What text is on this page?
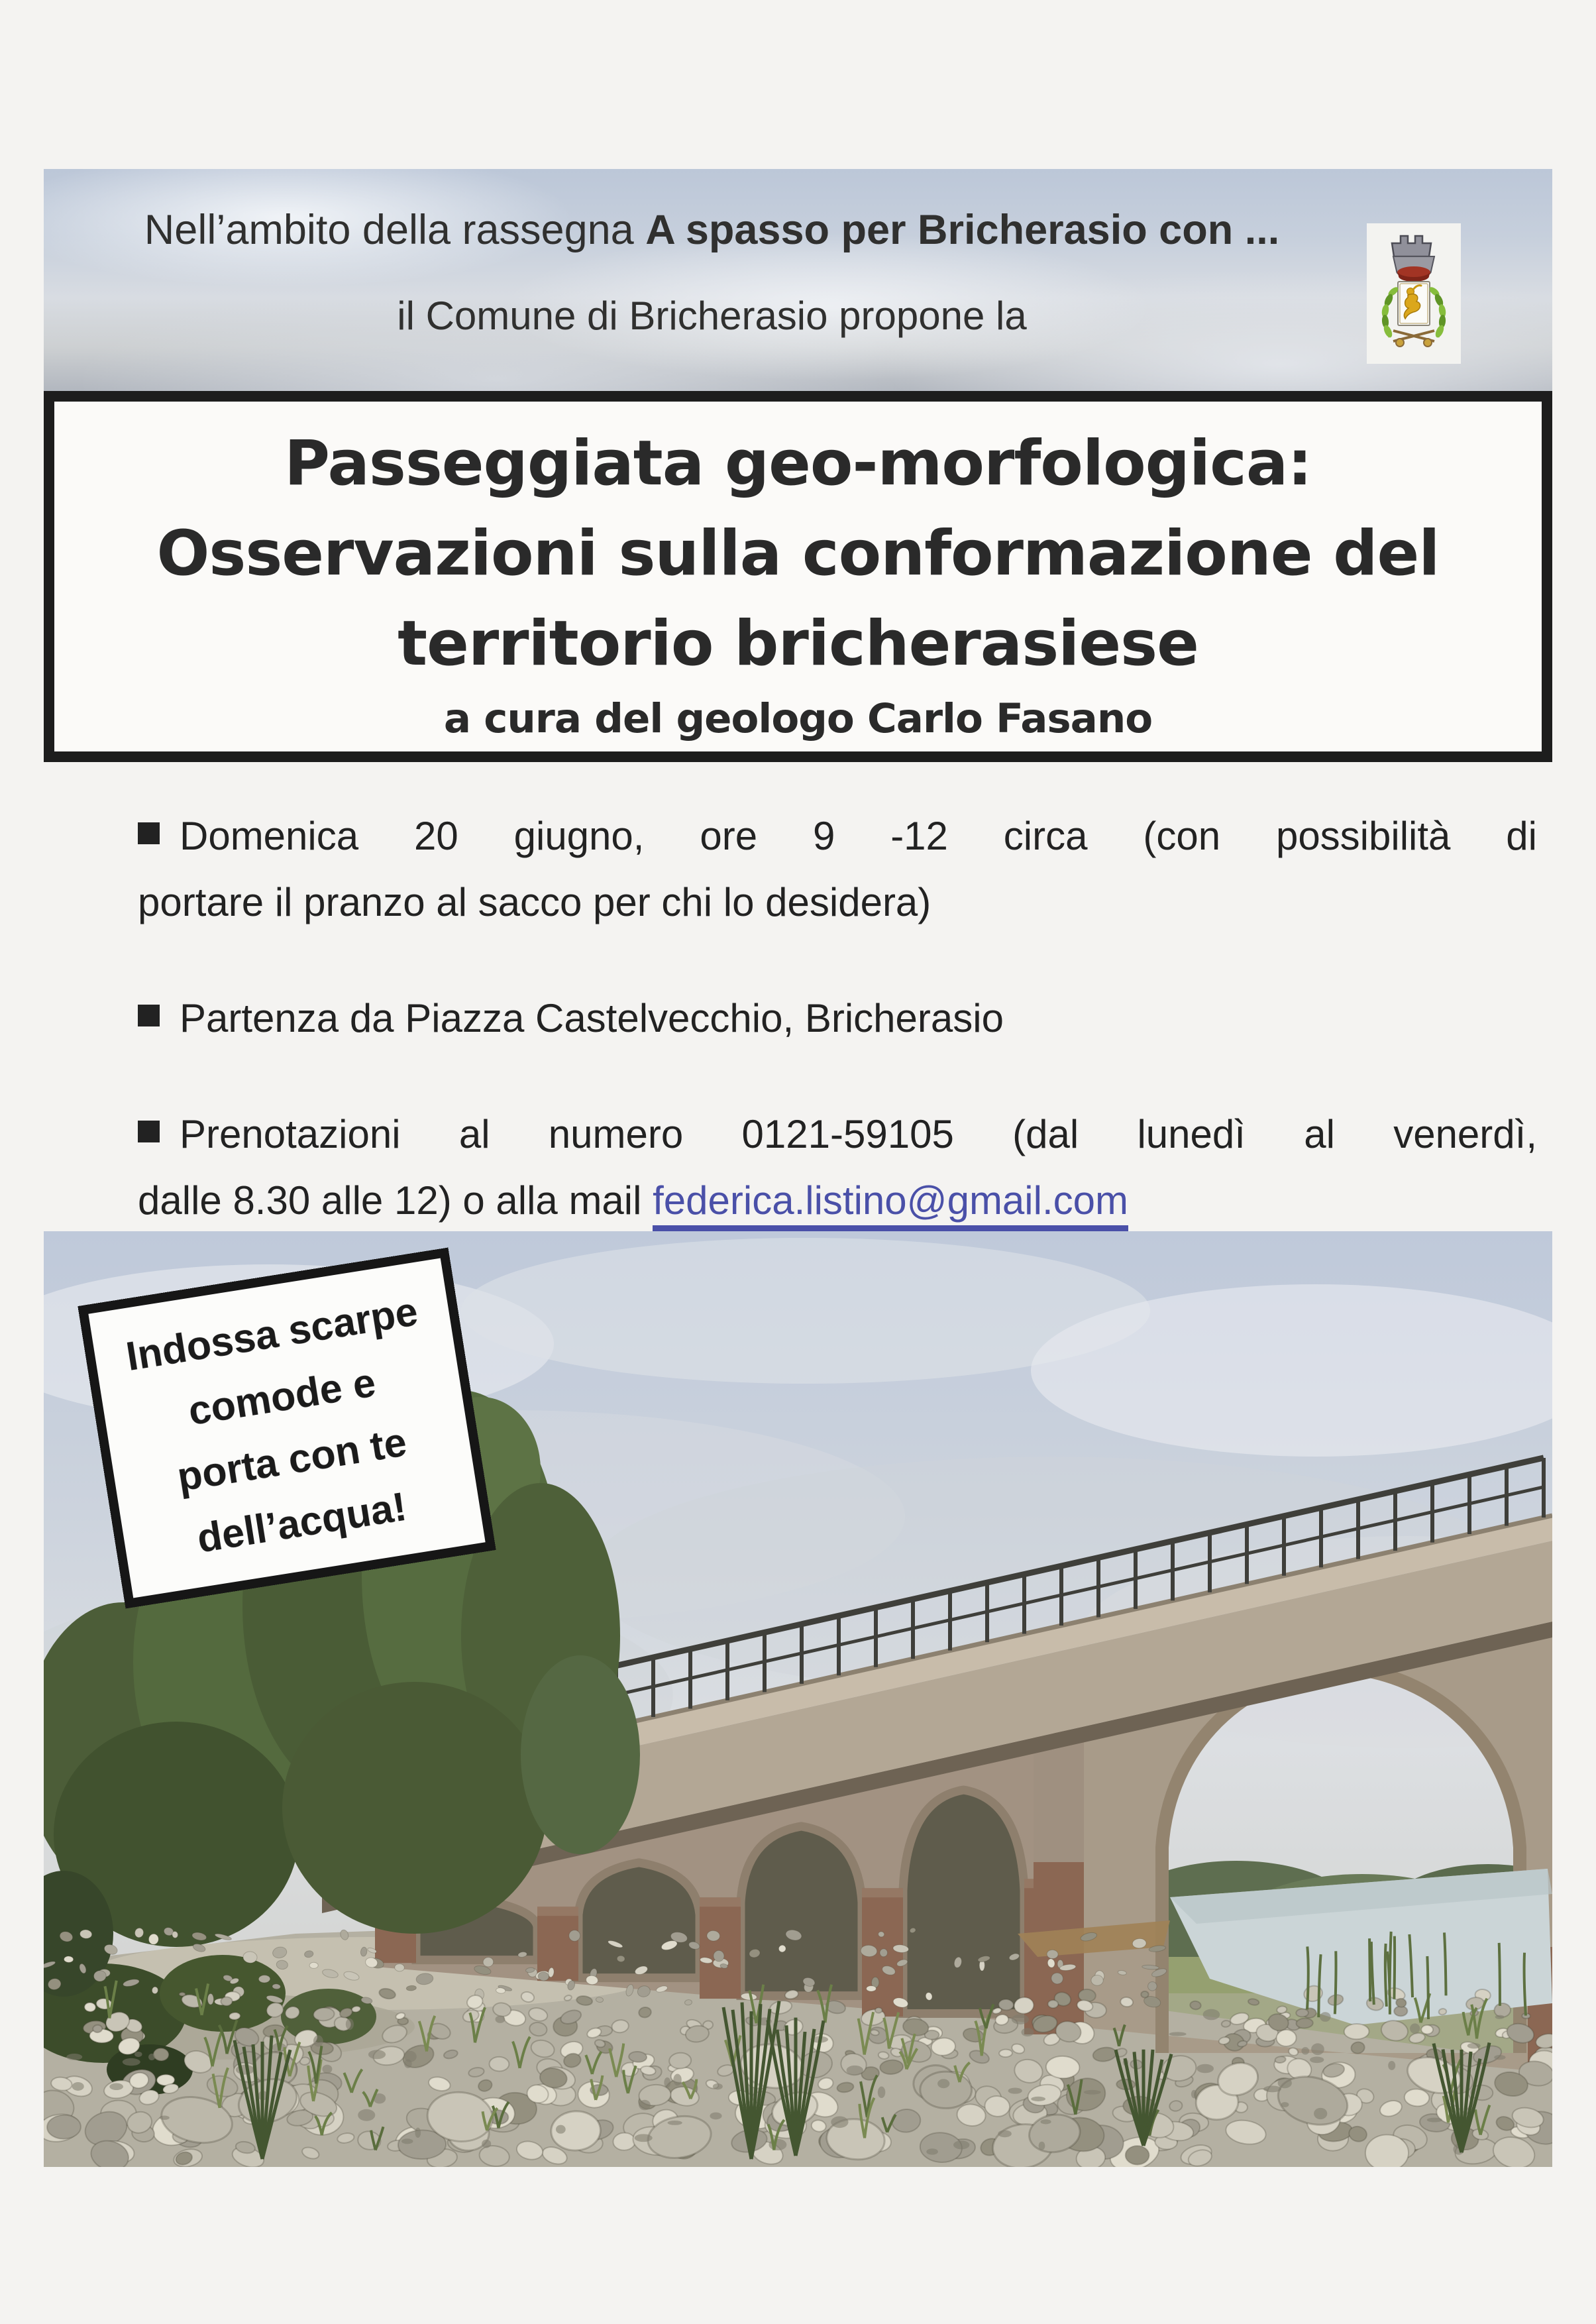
Nell’ambito della rassegna A spasso per Bricherasio con ...
il Comune di Bricherasio propone la
Passeggiata geo-morfologica:
Osservazioni sulla conformazione del
territorio bricherasiese
a cura del geologo Carlo Fasano

Domenica 20 giugno, ore 9 -12 circa (con possibilità di portare il pranzo al sacco per chi lo desidera)

Partenza da Piazza Castelvecchio, Bricherasio

Prenotazioni al numero 0121-59105 (dal lunedì al venerdì, dalle 8.30 alle 12) o alla mail federica.listino@gmail.com

Indossa scarpe
comode e
porta con te
dell’acqua!
